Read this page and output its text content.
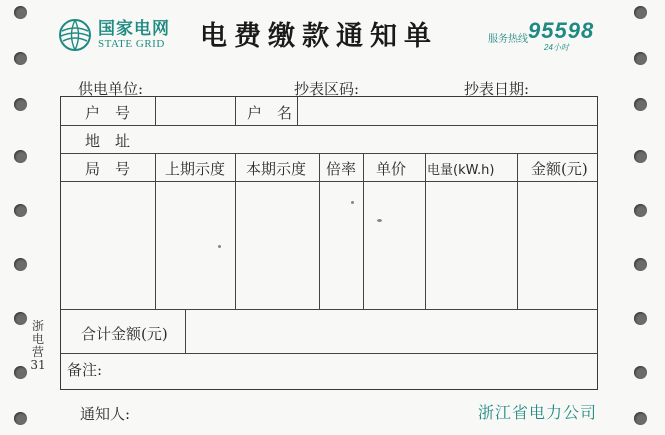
国家电网
STATE GRID 电费缴款通知单	服务热线 95598
24小时
供电单位:	抄表区码:	抄表日期:
户　号	户　名
地　址
局　号 上期示度 本期示度 倍率 单价 电量(kW.h) 金额(元)
合计金额(元)
备注:
浙电营31
通知人:	浙江省电力公司
